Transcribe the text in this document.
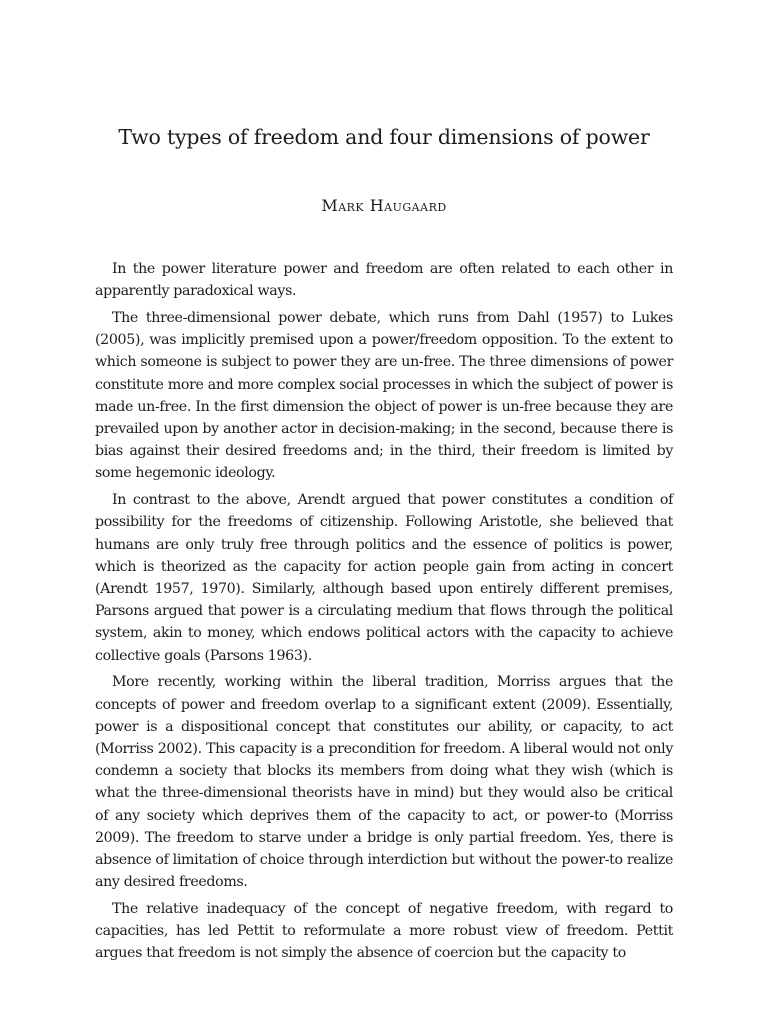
Two types of freedom and four dimensions of power
Mark Haugaard

In the power literature power and freedom are often related to each other in apparently paradoxical ways.

The three-dimensional power debate, which runs from Dahl (1957) to Lukes (2005), was implicitly premised upon a power/freedom opposition. To the extent to which someone is subject to power they are un-free. The three dimensions of power constitute more and more complex social processes in which the subject of power is made un-free. In the first dimension the object of power is un-free because they are prevailed upon by another actor in decision-making; in the second, because there is bias against their desired freedoms and; in the third, their freedom is limited by some hegemonic ideology.

In contrast to the above, Arendt argued that power constitutes a condition of possibility for the freedoms of citizenship. Following Aristotle, she believed that humans are only truly free through politics and the essence of politics is power, which is theorized as the capacity for action people gain from acting in concert (Arendt 1957, 1970). Similarly, although based upon entirely different premises, Parsons argued that power is a circulating medium that flows through the political system, akin to money, which endows political actors with the capacity to achieve collective goals (Parsons 1963).

More recently, working within the liberal tradition, Morriss argues that the concepts of power and freedom overlap to a significant extent (2009). Essentially, power is a dispositional concept that constitutes our ability, or capacity, to act (Morriss 2002). This capacity is a precondition for freedom. A liberal would not only condemn a society that blocks its members from doing what they wish (which is what the three-dimensional theorists have in mind) but they would also be critical of any society which deprives them of the capacity to act, or power-to (Morriss 2009). The freedom to starve under a bridge is only partial freedom. Yes, there is absence of limitation of choice through interdiction but without the power-to realize any desired freedoms.

The relative inadequacy of the concept of negative freedom, with regard to capacities, has led Pettit to reformulate a more robust view of freedom. Pettit argues that freedom is not simply the absence of coercion but the capacity to
